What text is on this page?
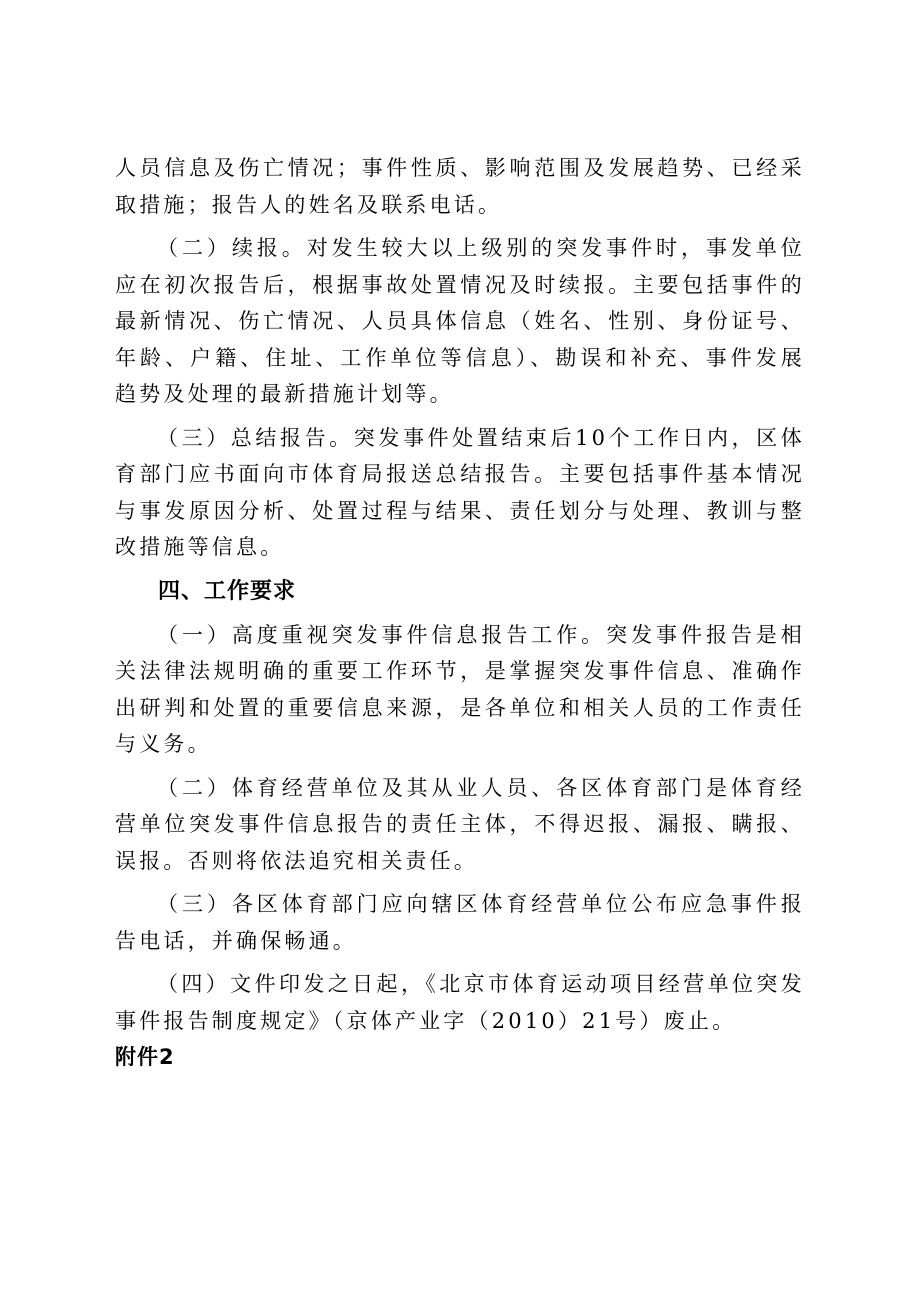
人员信息及伤亡情况；事件性质、影响范围及发展趋势、已经采取措施；报告人的姓名及联系电话。

（二）续报。对发生较大以上级别的突发事件时，事发单位应在初次报告后，根据事故处置情况及时续报。主要包括事件的最新情况、伤亡情况、人员具体信息（姓名、性别、身份证号、年龄、户籍、住址、工作单位等信息）、勘误和补充、事件发展趋势及处理的最新措施计划等。

（三）总结报告。突发事件处置结束后10个工作日内，区体育部门应书面向市体育局报送总结报告。主要包括事件基本情况与事发原因分析、处置过程与结果、责任划分与处理、教训与整改措施等信息。

四、工作要求

（一）高度重视突发事件信息报告工作。突发事件报告是相关法律法规明确的重要工作环节，是掌握突发事件信息、准确作出研判和处置的重要信息来源，是各单位和相关人员的工作责任与义务。

（二）体育经营单位及其从业人员、各区体育部门是体育经营单位突发事件信息报告的责任主体，不得迟报、漏报、瞒报、误报。否则将依法追究相关责任。

（三）各区体育部门应向辖区体育经营单位公布应急事件报告电话，并确保畅通。

（四）文件印发之日起，《北京市体育运动项目经营单位突发事件报告制度规定》（京体产业字（2010）21号）废止。

附件2
